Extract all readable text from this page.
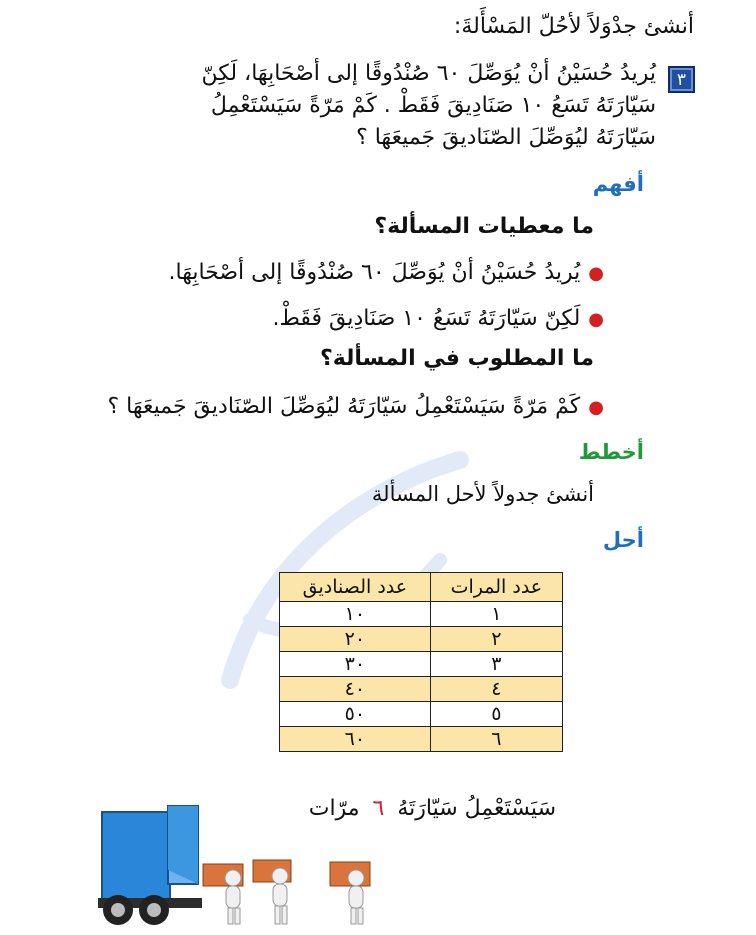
أنشئ جدْوَلاً لأحُلّ المَسْأَلةَ:
٣
يُريدُ حُسَيْنُ أنْ يُوَصِّلَ ٦٠ صُنْدُوقًا إلى أصْحَابِهَا، لَكِنّ
سَيّارَتَهُ تَسَعُ ١٠ صَنَادِيقَ فَقَطْ . كَمْ مَرّةً سَيَسْتَعْمِلُ
سَيّارَتَهُ ليُوَصِّلَ الصّنَاديقَ جَميعَهَا ؟
أفهم
ما معطيات المسألة؟
●يُريدُ حُسَيْنُ أنْ يُوَصِّلَ ٦٠ صُنْدُوقًا إلى أصْحَابِهَا.
●لَكِنّ سَيّارَتَهُ تَسَعُ ١٠ صَنَادِيقَ فَقَطْ.
ما المطلوب في المسألة؟
●كَمْ مَرّةً سَيَسْتَعْمِلُ سَيّارَتَهُ ليُوَصِّلَ الصّنَاديقَ جَميعَهَا ؟
أخطط
أنشئ جدولاً لأحل المسألة
أحل
عدد المرات	عدد الصناديق
١	١٠
٢	٢٠
٣	٣٠
٤	٤٠
٥	٥٠
٦	٦٠
سَيَسْتَعْمِلُ سَيّارَتَهُ ٦ مرّات
